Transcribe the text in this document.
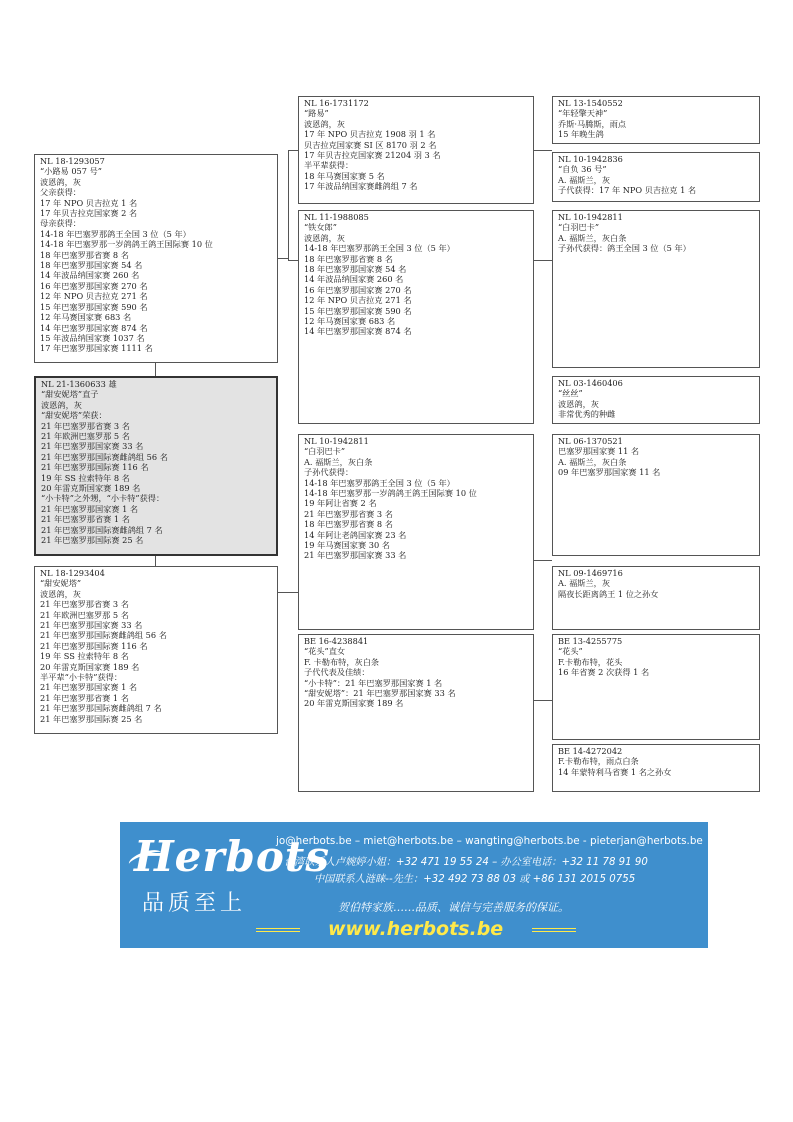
NL 18-1293057
“小路易 057 号”
波恩鸽，灰
父亲获得：
17 年 NPO 贝吉拉克 1 名
17 年贝吉拉克国家赛 2 名
母亲获得：
14-18 年巴塞罗那鸽王全国 3 位（5 年）
14-18 年巴塞罗那一岁鸽鸽王鸽王国际赛 10 位
18 年巴塞罗那省赛 8 名
18 年巴塞罗那国家赛 54 名
14 年波品纳国家赛 260 名
16 年巴塞罗那国家赛 270 名
12 年 NPO 贝吉拉克 271 名
15 年巴塞罗那国家赛 590 名
12 年马赛国家赛 683 名
14 年巴塞罗那国家赛 874 名
15 年波品纳国家赛 1037 名
17 年巴塞罗那国家赛 1111 名
NL 21-1360633 雄
“甜安妮塔”直子
波恩鸽，灰
“甜安妮塔”荣获：
21 年巴塞罗那省赛 3 名
21 年欧洲巴塞罗那 5 名
21 年巴塞罗那国家赛 33 名
21 年巴塞罗那国际赛雌鸽组 56 名
21 年巴塞罗那国际赛 116 名
19 年 SS 拉索特年 8 名
20 年雷克斯国家赛 189 名
“小卡特”之外甥，“小卡特”获得：
21 年巴塞罗那国家赛 1 名
21 年巴塞罗那省赛 1 名
21 年巴塞罗那国际赛雌鸽组 7 名
21 年巴塞罗那国际赛 25 名
NL 18-1293404
“甜安妮塔”
波恩鸽，灰
21 年巴塞罗那省赛 3 名
21 年欧洲巴塞罗那 5 名
21 年巴塞罗那国家赛 33 名
21 年巴塞罗那国际赛雌鸽组 56 名
21 年巴塞罗那国际赛 116 名
19 年 SS 拉索特年 8 名
20 年雷克斯国家赛 189 名
半平辈“小卡特”获得：
21 年巴塞罗那国家赛 1 名
21 年巴塞罗那省赛 1 名
21 年巴塞罗那国际赛雌鸽组 7 名
21 年巴塞罗那国际赛 25 名
NL 16-1731172
“路易”
波恩鸽，灰
17 年 NPO 贝吉拉克 1908 羽 1 名
贝吉拉克国家赛 SI 区 8170 羽 2 名
17 年贝吉拉克国家赛 21204 羽 3 名
半平辈获得：
18 年马赛国家赛 5 名
17 年波品纳国家赛雌鸽组 7 名
NL 11-1988085
“铁女郎”
波恩鸽，灰
14-18 年巴塞罗那鸽王全国 3 位（5 年）
18 年巴塞罗那省赛 8 名
18 年巴塞罗那国家赛 54 名
14 年波品纳国家赛 260 名
16 年巴塞罗那国家赛 270 名
12 年 NPO 贝吉拉克 271 名
15 年巴塞罗那国家赛 590 名
12 年马赛国家赛 683 名
14 年巴塞罗那国家赛 874 名
NL 10-1942811
“白羽巴卡”
A. 福斯兰，灰白条
子孙代获得：
14-18 年巴塞罗那鸽王全国 3 位（5 年）
14-18 年巴塞罗那一岁鸽鸽王鸽王国际赛 10 位
19 年阿让省赛 2 名
21 年巴塞罗那省赛 3 名
18 年巴塞罗那省赛 8 名
14 年阿让老鸽国家赛 23 名
19 年马赛国家赛 30 名
21 年巴塞罗那国家赛 33 名
BE 16-4238841
“花头”直女
F. 卡勒布特，灰白条
子代代表及佳绩：
“小卡特”：21 年巴塞罗那国家赛 1 名
“甜安妮塔”：21 年巴塞罗那国家赛 33 名
20 年雷克斯国家赛 189 名
NL 13-1540552
“年轻擎天神”
乔斯·马腾斯，雨点
15 年晚生鸽
NL 10-1942836
“自负 36 号”
A. 福斯兰，灰
子代获得：17 年 NPO 贝吉拉克 1 名
NL 10-1942811
“白羽巴卡”
A. 福斯兰，灰白条
子孙代获得：鸽王全国 3 位（5 年）
NL 03-1460406
“丝丝”
波恩鸽，灰
非常优秀的种雌
NL 06-1370521
巴塞罗那国家赛 11 名
A. 福斯兰，灰白条
09 年巴塞罗那国家赛 11 名
NL 09-1469716
A. 福斯兰，灰
隔夜长距离鸽王 1 位之孙女
BE 13-4255775
“花头”
F.卡勒布特，花头
16 年省赛 2 次获得 1 名
BE 14-4272042
F.卡勒布特，雨点白条
14 年蒙特利马省赛 1 名之孙女
Herbots
品质至上
jo@herbots.be – miet@herbots.be – wangting@herbots.be - pieterjan@herbots.be
台湾联系人卢婉婷小姐：+32 471 19 55 24 – 办公室电话：+32 11 78 91 90
中国联系人涟睐--先生：+32 492 73 88 03 或 +86 131 2015 0755
贺伯特家族……品质、诚信与完善服务的保证。
www.herbots.be
